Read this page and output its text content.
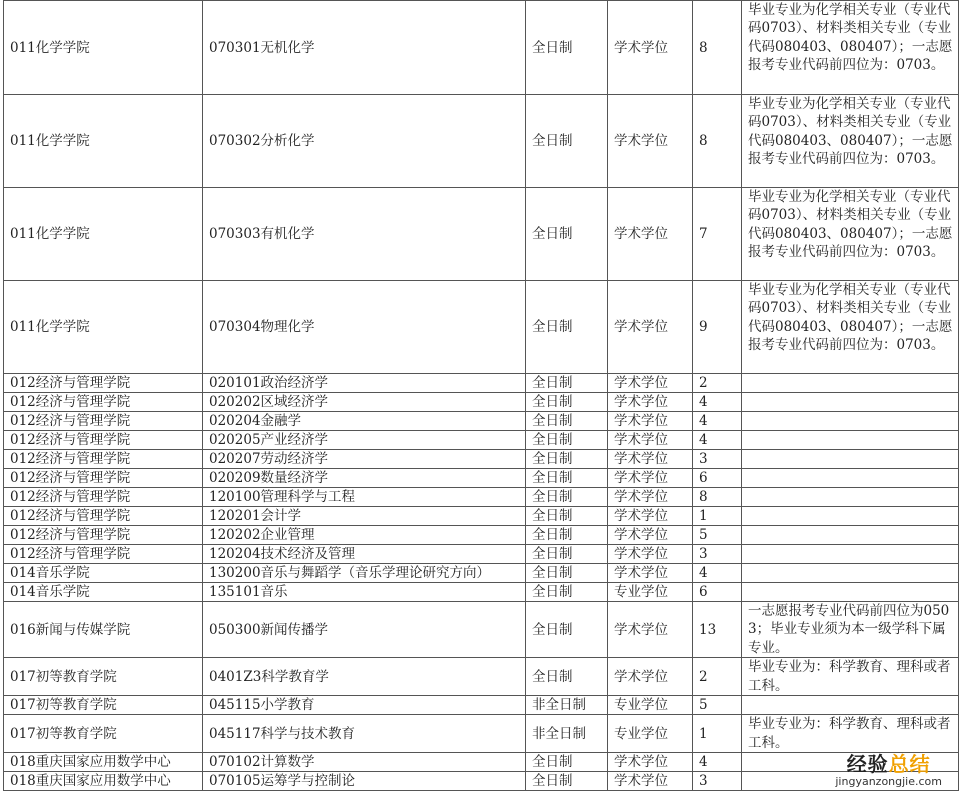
011化学学院	070301无机化学	全日制	学术学位	8	毕业专业为化学相关专业（专业代码0703）、材料类相关专业（专业代码080403、080407）；一志愿报考专业代码前四位为：0703。
011化学学院	070302分析化学	全日制	学术学位	8	毕业专业为化学相关专业（专业代码0703）、材料类相关专业（专业代码080403、080407）；一志愿报考专业代码前四位为：0703。
011化学学院	070303有机化学	全日制	学术学位	7	毕业专业为化学相关专业（专业代码0703）、材料类相关专业（专业代码080403、080407）；一志愿报考专业代码前四位为：0703。
011化学学院	070304物理化学	全日制	学术学位	9	毕业专业为化学相关专业（专业代码0703）、材料类相关专业（专业代码080403、080407）；一志愿报考专业代码前四位为：0703。
012经济与管理学院	020101政治经济学	全日制	学术学位	2	
012经济与管理学院	020202区域经济学	全日制	学术学位	4	
012经济与管理学院	020204金融学	全日制	学术学位	4	
012经济与管理学院	020205产业经济学	全日制	学术学位	4	
012经济与管理学院	020207劳动经济学	全日制	学术学位	3	
012经济与管理学院	020209数量经济学	全日制	学术学位	6	
012经济与管理学院	120100管理科学与工程	全日制	学术学位	8	
012经济与管理学院	120201会计学	全日制	学术学位	1	
012经济与管理学院	120202企业管理	全日制	学术学位	5	
012经济与管理学院	120204技术经济及管理	全日制	学术学位	3	
014音乐学院	130200音乐与舞蹈学（音乐学理论研究方向）	全日制	学术学位	4	
014音乐学院	135101音乐	全日制	专业学位	6	
016新闻与传媒学院	050300新闻传播学	全日制	学术学位	13	一志愿报考专业代码前四位为0503；毕业专业须为本一级学科下属专业。
017初等教育学院	0401Z3科学教育学	全日制	学术学位	2	毕业专业为：科学教育、理科或者工科。
017初等教育学院	045115小学教育	非全日制	专业学位	5	
017初等教育学院	045117科学与技术教育	非全日制	专业学位	1	毕业专业为：科学教育、理科或者工科。
018重庆国家应用数学中心	070102计算数学	全日制	学术学位	4	
018重庆国家应用数学中心	070105运筹学与控制论	全日制	学术学位	3	
经验总结
jingyanzongjie.com
